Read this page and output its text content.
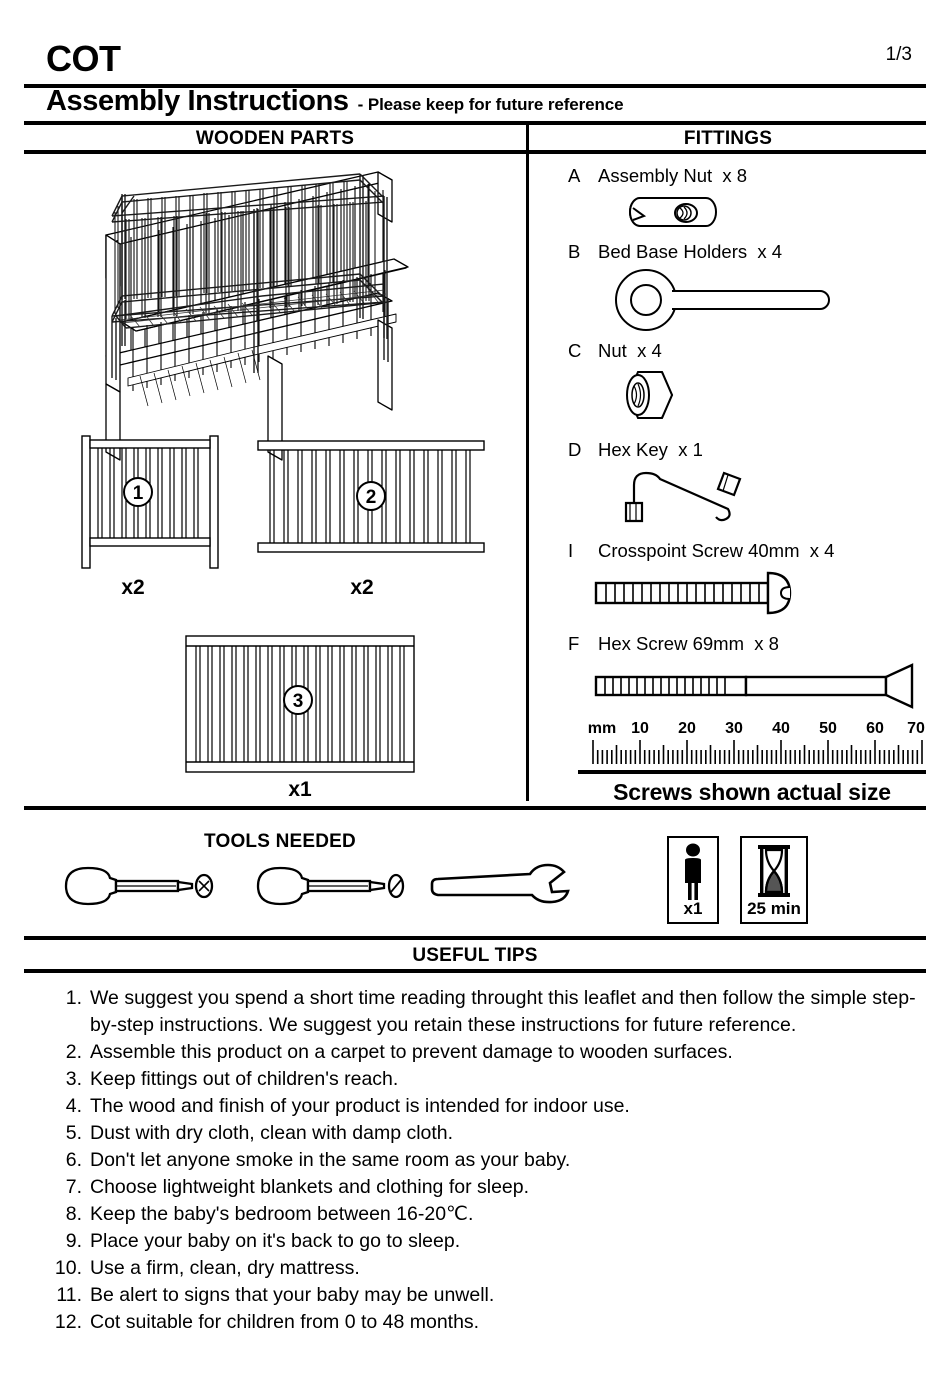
COT	1/3
Assembly Instructions - Please keep for future reference
WOODEN PARTS	FITTINGS
1
x2
2
x2
3
x1
A Assembly Nut x 8
B Bed Base Holders x 4
C Nut x 4
D Hex Key x 1
I Crosspoint Screw 40mm x 4
F Hex Screw 69mm x 8
mm 10 20 30 40 50 60 70
Screws shown actual size
TOOLS NEEDED
x1	25 min
USEFUL TIPS
1. We suggest you spend a short time reading throught this leaflet and then follow the simple step-by-step instructions. We suggest you retain these instructions for future reference.
2. Assemble this product on a carpet to prevent damage to wooden surfaces.
3. Keep fittings out of children's reach.
4. The wood and finish of your product is intended for indoor use.
5. Dust with dry cloth, clean with damp cloth.
6. Don't let anyone smoke in the same room as your baby.
7. Choose lightweight blankets and clothing for sleep.
8. Keep the baby's bedroom between 16-20℃.
9. Place your baby on it's back to go to sleep.
10. Use a firm, clean, dry mattress.
11. Be alert to signs that your baby may be unwell.
12. Cot suitable for children from 0 to 48 months.
